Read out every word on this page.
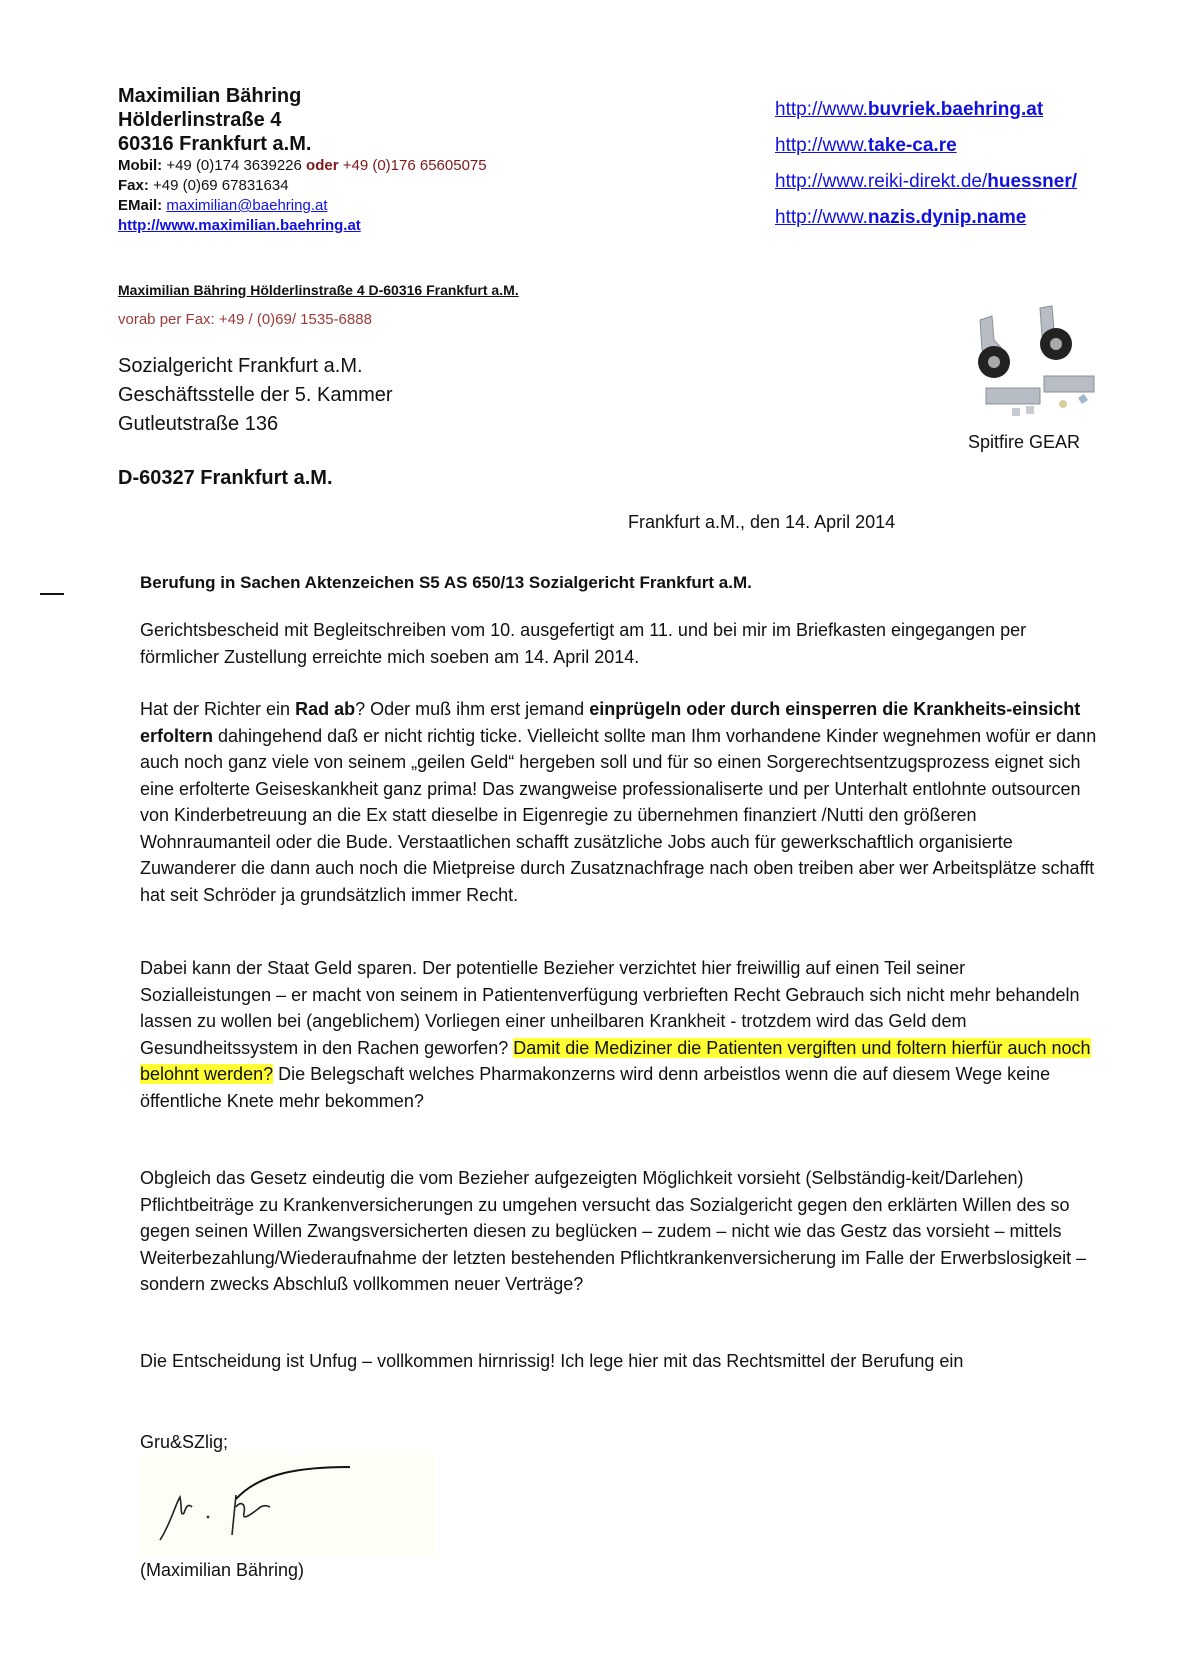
Maximilian Bähring
Hölderlinstraße 4
60316 Frankfurt a.M.
Mobil: +49 (0)174 3639226 oder +49 (0)176 65605075
Fax: +49 (0)69 67831634
EMail: maximilian@baehring.at
http://www.maximilian.baehring.at
http://www.buvriek.baehring.at
http://www.take-ca.re
http://www.reiki-direkt.de/huessner/
http://www.nazis.dynip.name
Maximilian Bähring Hölderlinstraße 4 D-60316 Frankfurt a.M.
vorab per Fax: +49 / (0)69/ 1535-6888
Sozialgericht Frankfurt a.M.
Geschäftsstelle der 5. Kammer
Gutleutstraße 136
D-60327 Frankfurt a.M.
Spitfire GEAR
Frankfurt a.M., den 14. April 2014
Berufung in Sachen Aktenzeichen S5 AS 650/13 Sozialgericht Frankfurt a.M.
Gerichtsbescheid mit Begleitschreiben vom 10. ausgefertigt am 11. und bei mir im Briefkasten eingegangen per förmlicher Zustellung erreichte mich soeben am 14. April 2014.
Hat der Richter ein Rad ab? Oder muß ihm erst jemand einprügeln oder durch einsperren die Krankheits-einsicht erfoltern dahingehend daß er nicht richtig ticke. Vielleicht sollte man Ihm vorhandene Kinder wegnehmen wofür er dann auch noch ganz viele von seinem „geilen Geld“ hergeben soll und für so einen Sorgerechtsentzugsprozess eignet sich eine erfolterte Geiseskankheit ganz prima! Das zwangweise professionaliserte und per Unterhalt entlohnte outsourcen von Kinderbetreuung an die Ex statt dieselbe in Eigenregie zu übernehmen finanziert /Nutti den größeren Wohnraumanteil oder die Bude. Verstaatlichen schafft zusätzliche Jobs auch für gewerkschaftlich organisierte Zuwanderer die dann auch noch die Mietpreise durch Zusatznachfrage nach oben treiben aber wer Arbeitsplätze schafft hat seit Schröder ja grundsätzlich immer Recht.
Dabei kann der Staat Geld sparen. Der potentielle Bezieher verzichtet hier freiwillig auf einen Teil seiner Sozialleistungen – er macht von seinem in Patientenverfügung verbrieften Recht Gebrauch sich nicht mehr behandeln lassen zu wollen bei (angeblichem) Vorliegen einer unheilbaren Krankheit - trotzdem wird das Geld dem Gesundheitssystem in den Rachen geworfen? Damit die Mediziner die Patienten vergiften und foltern hierfür auch noch belohnt werden? Die Belegschaft welches Pharmakonzerns wird denn arbeistlos wenn die auf diesem Wege keine öffentliche Knete mehr bekommen?
Obgleich das Gesetz eindeutig die vom Bezieher aufgezeigten Möglichkeit vorsieht (Selbständig-keit/Darlehen) Pflichtbeiträge zu Krankenversicherungen zu umgehen versucht das Sozialgericht gegen den erklärten Willen des so gegen seinen Willen Zwangsversicherten diesen zu beglücken – zudem – nicht wie das Gestz das vorsieht – mittels Weiterbezahlung/Wiederaufnahme der letzten bestehenden Pflichtkrankenversicherung im Falle der Erwerbslosigkeit – sondern zwecks Abschluß vollkommen neuer Verträge?
Die Entscheidung ist Unfug – vollkommen hirnrissig! Ich lege hier mit das Rechtsmittel der Berufung ein
Gru&SZlig;
(Maximilian Bähring)
